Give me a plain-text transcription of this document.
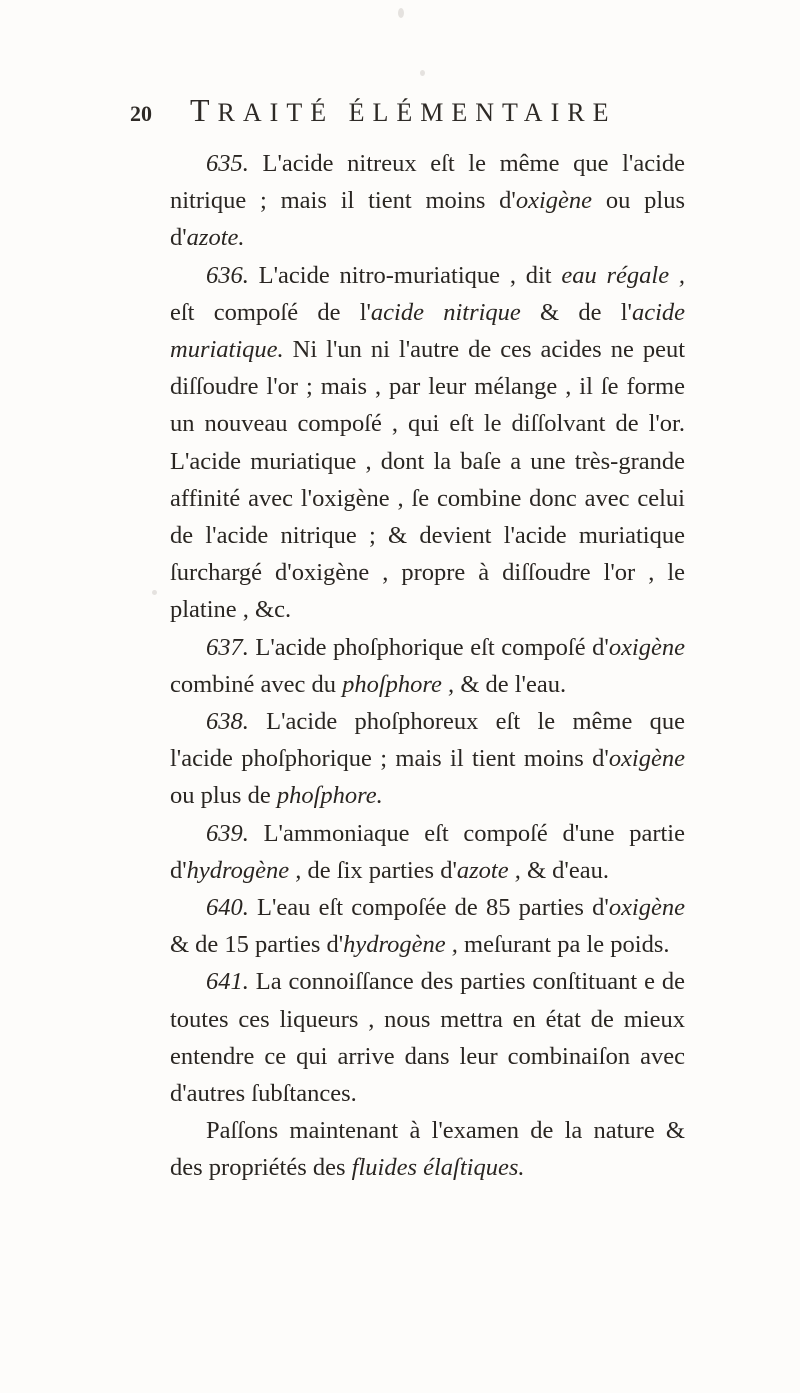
20	TRAITÉ ÉLÉMENTAIRE

635. L'acide nitreux eſt le même que l'acide nitrique ; mais il tient moins d'oxigène ou plus d'azote.

636. L'acide nitro-muriatique , dit eau régale , eſt compoſé de l'acide nitrique & de l'acide muriatique. Ni l'un ni l'autre de ces acides ne peut diſſoudre l'or ; mais , par leur mélange , il ſe forme un nouveau compoſé , qui eſt le diſſolvant de l'or. L'acide muriatique , dont la baſe a une très-grande affinité avec l'oxigène , ſe combine donc avec celui de l'acide nitrique ; & devient l'acide muriatique ſurchargé d'oxigène , propre à diſſoudre l'or , le platine , &c.

637. L'acide phoſphorique eſt compoſé d'oxigène combiné avec du phoſphore , & de l'eau.

638. L'acide phoſphoreux eſt le même que l'acide phoſphorique ; mais il tient moins d'oxigène ou plus de phoſphore.

639. L'ammoniaque eſt compoſé d'une partie d'hydrogène , de ſix parties d'azote , & d'eau.

640. L'eau eſt compoſée de 85 parties d'oxigène & de 15 parties d'hydrogène , meſurant pa le poids.

641. La connoiſſance des parties conſtituant e de toutes ces liqueurs , nous mettra en état de mieux entendre ce qui arrive dans leur combinaiſon avec d'autres ſubſtances.

Paſſons maintenant à l'examen de la nature & des propriétés des fluides élaſtiques.
